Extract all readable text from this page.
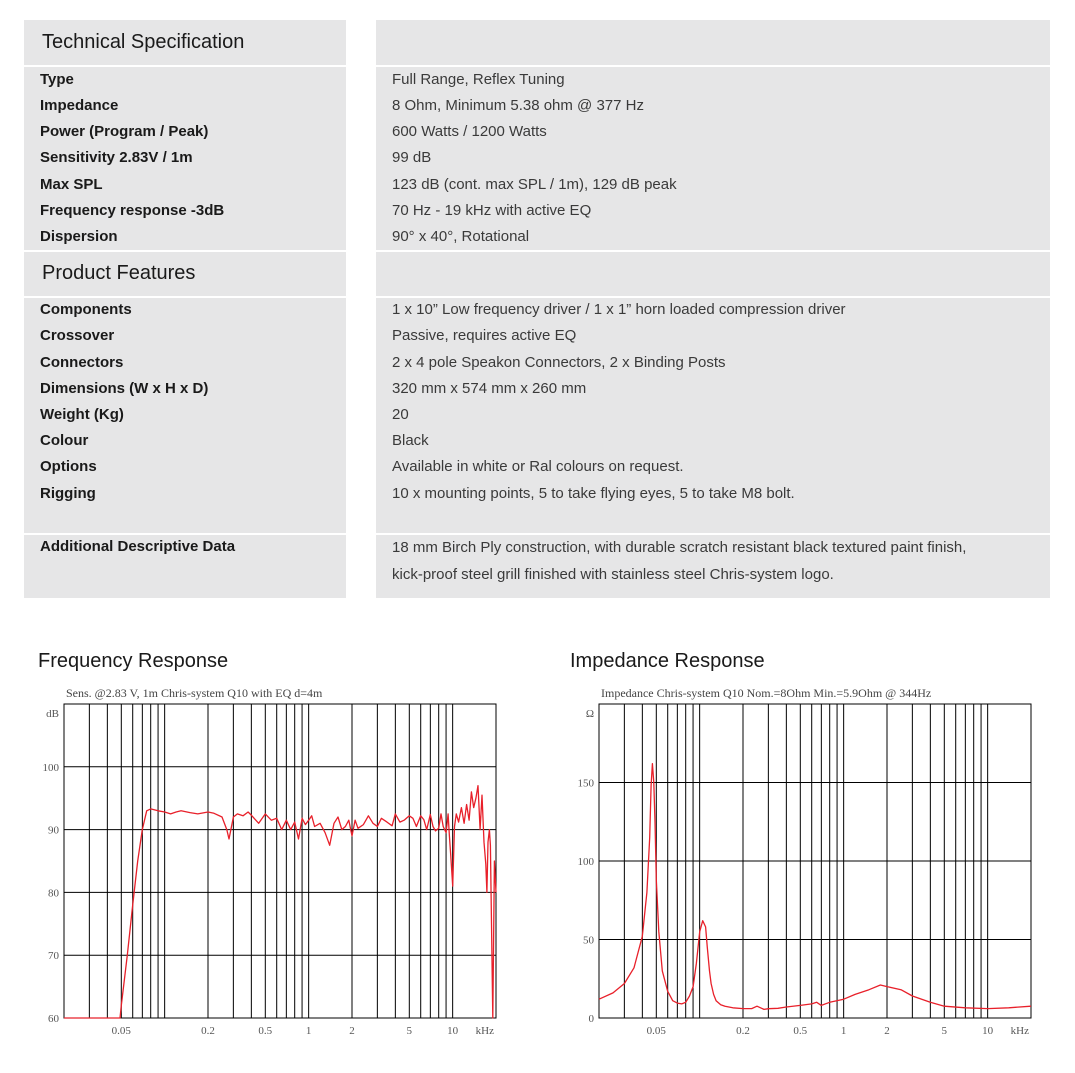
Technical Specification
Type	Full Range, Reflex Tuning
Impedance	8 Ohm, Minimum 5.38 ohm @ 377 Hz
Power (Program / Peak)	600 Watts / 1200 Watts
Sensitivity 2.83V / 1m	99 dB
Max SPL	123 dB (cont. max SPL / 1m), 129 dB peak
Frequency response -3dB	70 Hz - 19 kHz with active EQ
Dispersion	90° x 40°, Rotational
Product Features
Components	1 x 10” Low frequency driver / 1 x 1” horn loaded compression driver
Crossover	Passive, requires active EQ
Connectors	2 x 4 pole Speakon Connectors, 2 x Binding Posts
Dimensions (W x H x D)	320 mm x 574 mm x 260 mm
Weight (Kg)	20
Colour	Black
Options	Available in white or Ral colours on request.
Rigging	10 x mounting points, 5 to take flying eyes, 5 to take M8 bolt.
Additional Descriptive Data	18 mm Birch Ply construction, with durable scratch resistant black textured paint finish,
kick-proof steel grill finished with stainless steel Chris-system logo.
Frequency Response	Impedance Response
60
70
80
90
100
dB
0.05	0.2	0.5	1	2	5	10 kHz
Sens. @2.83 V, 1m Chris-system Q10 with EQ d=4m
0
50
100
150
Ω
0.05	0.2	0.5	1	2	5	10 kHz
Impedance Chris-system Q10 Nom.=8Ohm Min.=5.9Ohm @ 344Hz
